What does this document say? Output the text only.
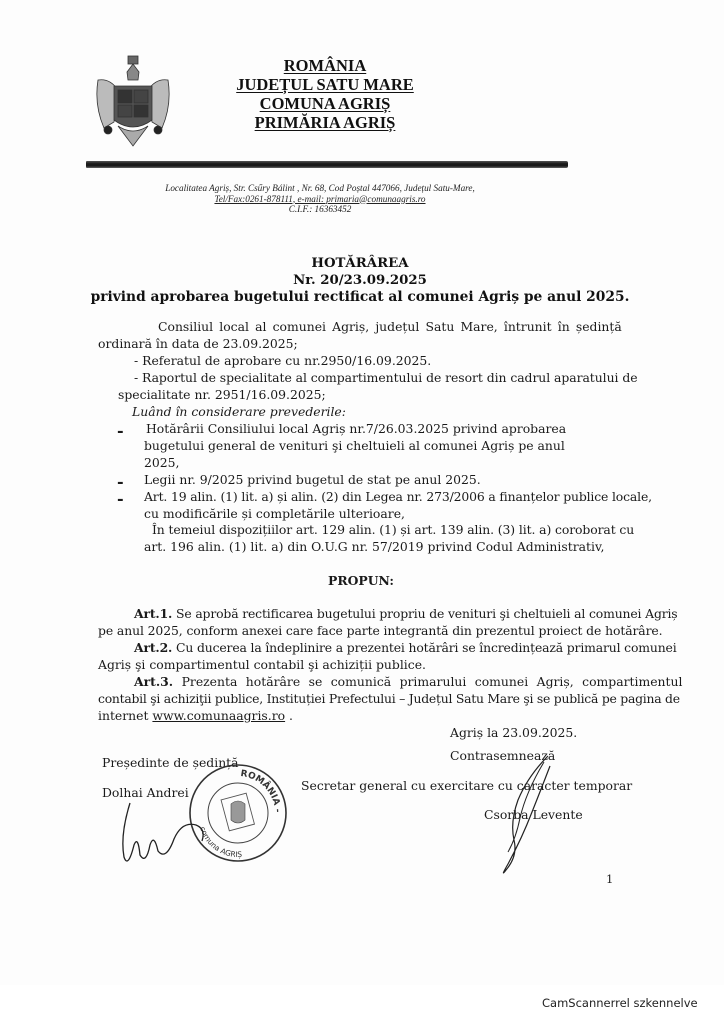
ROMÂNIA
JUDEȚUL SATU MARE
COMUNA AGRIȘ
PRIMĂRIA AGRIȘ
Localitatea Agriș, Str. Csűry Bálint , Nr. 68, Cod Poștal 447066, Județul Satu-Mare,
Tel/Fax:0261-878111, e-mail: primaria@comunaagris.ro
C.I.F.: 16363452
HOTĂRÂREA
Nr. 20/23.09.2025
privind aprobarea bugetului rectificat al comunei Agriș pe anul 2025.
Consiliul local al comunei Agriș, județul Satu Mare, întrunit în ședință
ordinară în data de 23.09.2025;
- Referatul de aprobare cu nr.2950/16.09.2025.
- Raportul de specialitate al compartimentului de resort din cadrul aparatului de
specialitate nr. 2951/16.09.2025;
Luând în considerare prevederile:
- Hotărârii Consiliului local Agriș nr.7/26.03.2025 privind aprobarea
bugetului general de venituri şi cheltuieli al comunei Agriș pe anul
2025,
- Legii nr. 9/2025 privind bugetul de stat pe anul 2025.
- Art. 19 alin. (1) lit. a) și alin. (2) din Legea nr. 273/2006 a finanțelor publice locale,
cu modificările și completările ulterioare,
În temeiul dispozițiilor art. 129 alin. (1) și art. 139 alin. (3) lit. a) coroborat cu
art. 196 alin. (1) lit. a) din O.U.G nr. 57/2019 privind Codul Administrativ,
PROPUN:
Art.1. Se aprobă rectificarea bugetului propriu de venituri şi cheltuieli al comunei Agriș
pe anul 2025, conform anexei care face parte integrantă din prezentul proiect de hotărâre.
Art.2. Cu ducerea la îndeplinire a prezentei hotărâri se încredințează primarul comunei
Agriș şi compartimentul contabil şi achiziții publice.
Art.3. Prezenta hotărâre se comunică primarului comunei Agriș, compartimentul
contabil şi achiziţii publice, Instituției Prefectului – Județul Satu Mare şi se publică pe pagina de
internet www.comunaagris.ro .
Agriș la 23.09.2025.
Președinte de ședință
Dolhai Andrei
Contrasemnează
Secretar general cu exercitare cu caracter temporar
Csorba Levente
ROMÂNIA -
comuna AGRIȘ
1
CamScannerrel szkennelve
